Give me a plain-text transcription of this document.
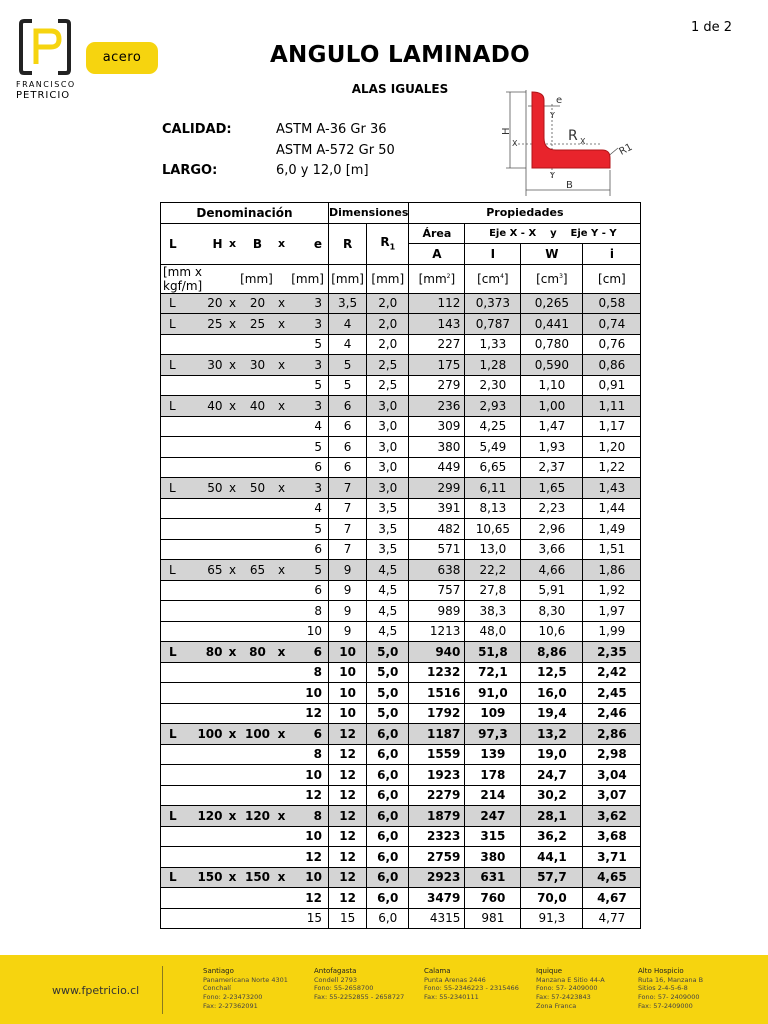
1 de 2
FRANCISCO
PETRICIO
acero	ANGULO LAMINADO
ALAS IGUALES
CALIDAD:	ASTM A-36 Gr 36
ASTM A-572 Gr 50
LARGO:	6,0 y 12,0 [m]
e
H
Y
X	R X
R1
Y
B
Denominación						Dimensiones		Propiedades			
L	H	x	B	x	e	R	$R_1$	Área	Eje X - X    y    Eje Y - Y		
								A	I	W	i
[mm x kgf/m]		[mm]			[mm]	[mm]	[mm]	$[mm^2]$	$[cm^4]$	$[cm^3]$	[cm]
L	20	x	20	x	3	3,5	2,0	112	0,373	0,265	0,58
L	25	x	25	x	3	4	2,0	143	0,787	0,441	0,74
					5	4	2,0	227	1,33	0,780	0,76
L	30	x	30	x	3	5	2,5	175	1,28	0,590	0,86
					5	5	2,5	279	2,30	1,10	0,91
L	40	x	40	x	3	6	3,0	236	2,93	1,00	1,11
					4	6	3,0	309	4,25	1,47	1,17
					5	6	3,0	380	5,49	1,93	1,20
					6	6	3,0	449	6,65	2,37	1,22
L	50	x	50	x	3	7	3,0	299	6,11	1,65	1,43
					4	7	3,5	391	8,13	2,23	1,44
					5	7	3,5	482	10,65	2,96	1,49
					6	7	3,5	571	13,0	3,66	1,51
L	65	x	65	x	5	9	4,5	638	22,2	4,66	1,86
					6	9	4,5	757	27,8	5,91	1,92
					8	9	4,5	989	38,3	8,30	1,97
					10	9	4,5	1213	48,0	10,6	1,99
L	80	x	80	x	6	10	5,0	940	51,8	8,86	2,35
					8	10	5,0	1232	72,1	12,5	2,42
					10	10	5,0	1516	91,0	16,0	2,45
					12	10	5,0	1792	109	19,4	2,46
L	100	x	100	x	6	12	6,0	1187	97,3	13,2	2,86
					8	12	6,0	1559	139	19,0	2,98
					10	12	6,0	1923	178	24,7	3,04
					12	12	6,0	2279	214	30,2	3,07
L	120	x	120	x	8	12	6,0	1879	247	28,1	3,62
					10	12	6,0	2323	315	36,2	3,68
					12	12	6,0	2759	380	44,1	3,71
L	150	x	150	x	10	12	6,0	2923	631	57,7	4,65
					12	12	6,0	3479	760	70,0	4,67
					15	15	6,0	4315	981	91,3	4,77
www.fpetricio.cl
Santiago
Panamericana Norte 4301
Conchalí
Fono: 2-23473200
Fax: 2-27362091
Antofagasta
Condell 2793
Fono: 55-2658700
Fax: 55-2252855 - 2658727
Calama
Punta Arenas 2446
Fono: 55-2346223 - 2315466
Fax: 55-2340111
Iquique
Manzana E Sitio 44-A
Fono: 57- 2409000
Fax: 57-2423843
Zona Franca
Alto Hospicio
Ruta 16, Manzana B
Sitios 2-4-5-6-8
Fono: 57- 2409000
Fax: 57-2409000
